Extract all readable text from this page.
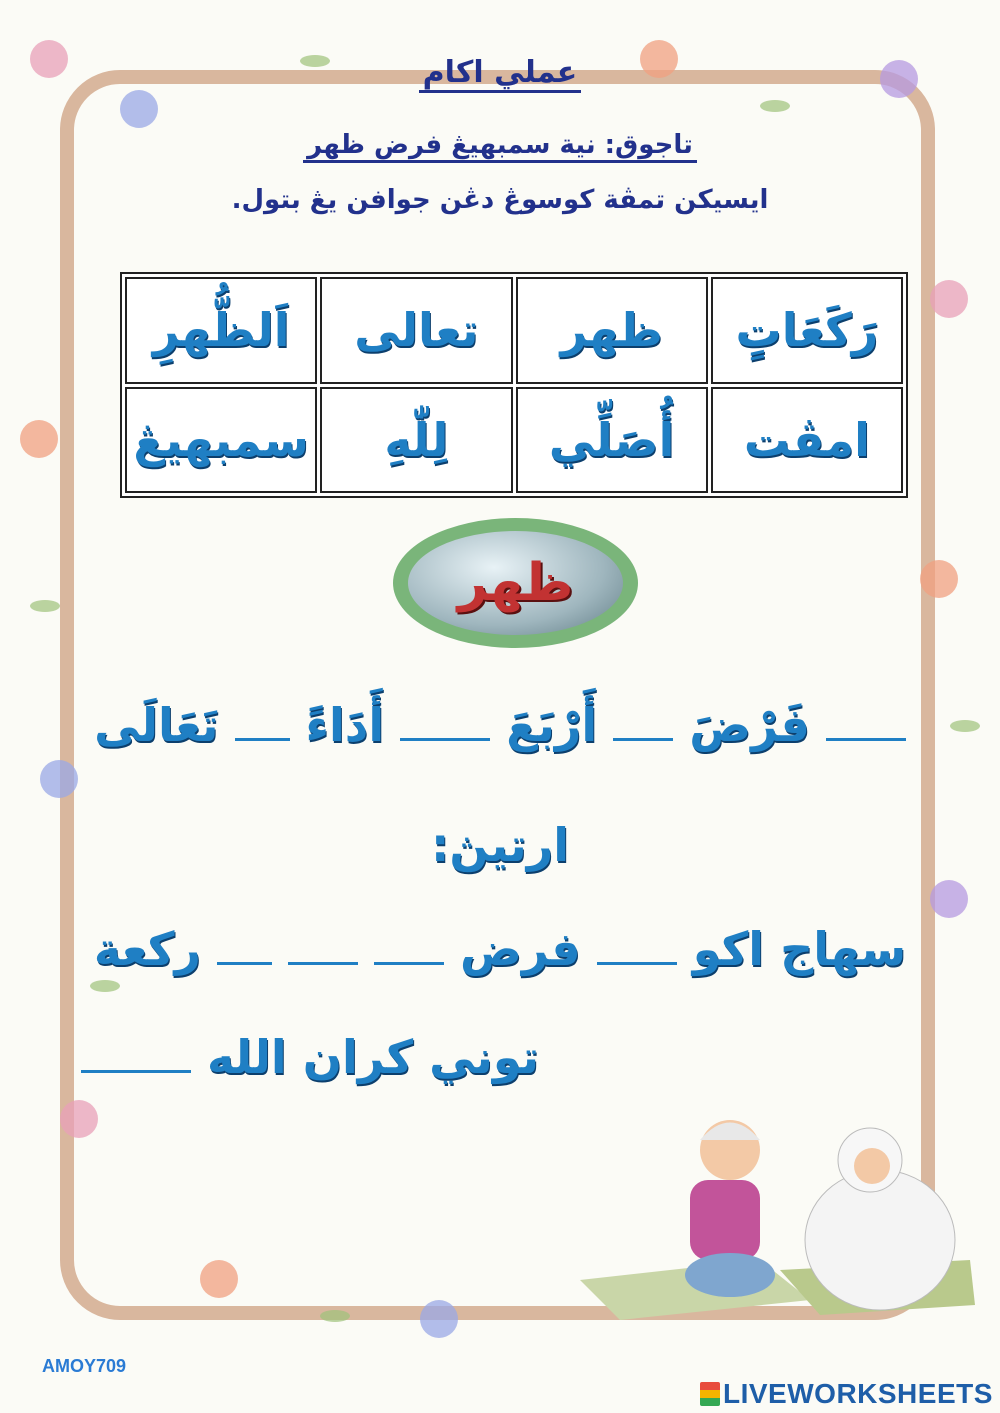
عملي اكام
تاجوق: نية سمبهيڠ فرض ظهر
ايسيكن تمڤة كوسوڠ دڠن جوافن يڠ بتول.
رَكَعَاتٍ	ظهر	تعالى	اَلظُّهرِ
امڤت	أُصَلِّي	لِلّٰهِ	سمبهيڠ
ظهر
فَرْضَ  أَرْبَعَ  أَدَاءً  تَعَالَى
ارتيڽ:
سهاج اكو  فرض    ركعة
توني كران الله
AMOY709
LIVEWORKSHEETS
